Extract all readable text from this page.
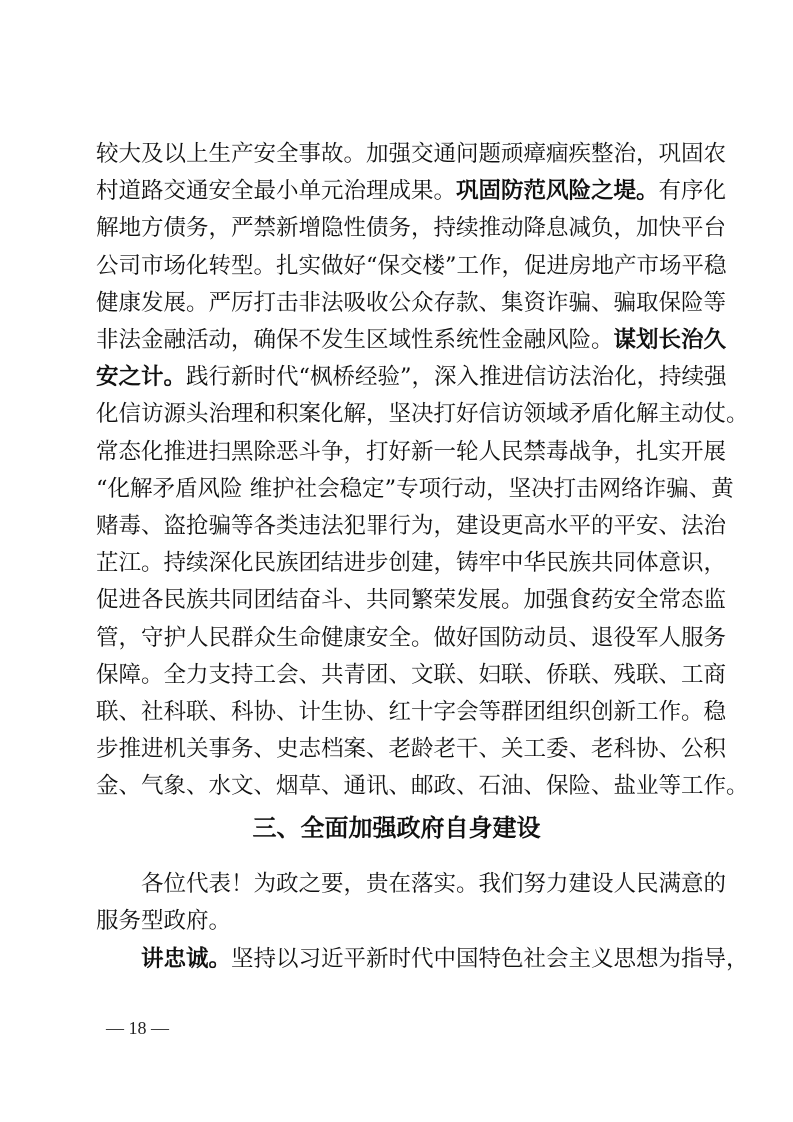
较大及以上生产安全事故。加强交通问题顽瘴痼疾整治，巩固农
村道路交通安全最小单元治理成果。巩固防范风险之堤。有序化
解地方债务，严禁新增隐性债务，持续推动降息减负，加快平台
公司市场化转型。扎实做好“保交楼”工作，促进房地产市场平稳
健康发展。严厉打击非法吸收公众存款、集资诈骗、骗取保险等
非法金融活动，确保不发生区域性系统性金融风险。谋划长治久
安之计。践行新时代“枫桥经验”，深入推进信访法治化，持续强
化信访源头治理和积案化解，坚决打好信访领域矛盾化解主动仗。
常态化推进扫黑除恶斗争，打好新一轮人民禁毒战争，扎实开展
“化解矛盾风险 维护社会稳定”专项行动，坚决打击网络诈骗、黄
赌毒、盗抢骗等各类违法犯罪行为，建设更高水平的平安、法治
芷江。持续深化民族团结进步创建，铸牢中华民族共同体意识，
促进各民族共同团结奋斗、共同繁荣发展。加强食药安全常态监
管，守护人民群众生命健康安全。做好国防动员、退役军人服务
保障。全力支持工会、共青团、文联、妇联、侨联、残联、工商
联、社科联、科协、计生协、红十字会等群团组织创新工作。稳
步推进机关事务、史志档案、老龄老干、关工委、老科协、公积
金、气象、水文、烟草、通讯、邮政、石油、保险、盐业等工作。
三、全面加强政府自身建设
各位代表！为政之要，贵在落实。我们努力建设人民满意的
服务型政府。
讲忠诚。坚持以习近平新时代中国特色社会主义思想为指导，
— 18 —
